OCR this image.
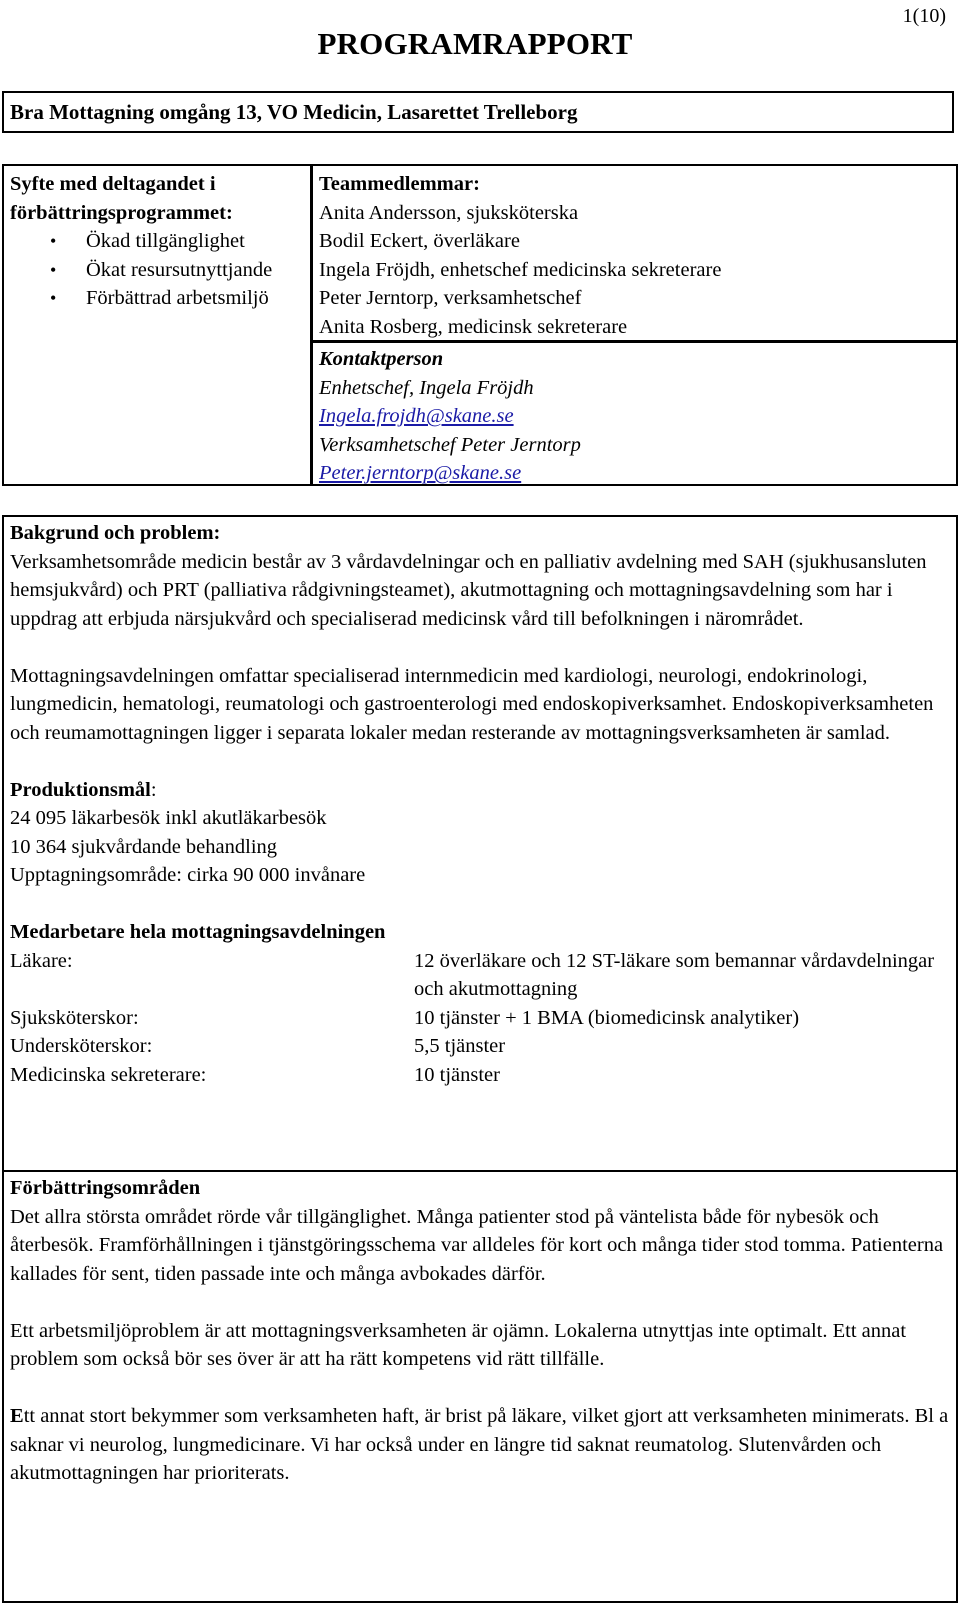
1(10)
PROGRAMRAPPORT
Bra Mottagning omgång 13, VO Medicin, Lasarettet Trelleborg
Syfte med deltagandet i
förbättringsprogrammet:
• Ökad tillgänglighet
• Ökat resursutnyttjande
• Förbättrad arbetsmiljö
Teammedlemmar:
Anita Andersson, sjuksköterska
Bodil Eckert, överläkare
Ingela Fröjdh, enhetschef medicinska sekreterare
Peter Jerntorp, verksamhetschef
Anita Rosberg, medicinsk sekreterare
Kontaktperson
Enhetschef, Ingela Fröjdh
Ingela.frojdh@skane.se
Verksamhetschef Peter Jerntorp
Peter.jerntorp@skane.se
Bakgrund och problem:

Verksamhetsområde medicin består av 3 vårdavdelningar och en palliativ avdelning med SAH (sjukhusansluten hemsjukvård) och PRT (palliativa rådgivningsteamet), akutmottagning och mottagningsavdelning som har i uppdrag att erbjuda närsjukvård och specialiserad medicinsk vård till befolkningen i närområdet.

Mottagningsavdelningen omfattar specialiserad internmedicin med kardiologi, neurologi, endokrinologi, lungmedicin, hematologi, reumatologi och gastroenterologi med endoskopiverksamhet. Endoskopiverksamheten och reumamottagningen ligger i separata lokaler medan resterande av mottagningsverksamheten är samlad.

Produktionsmål:
24 095 läkarbesök inkl akutläkarbesök
10 364 sjukvårdande behandling
Upptagningsområde: cirka 90 000 invånare
Medarbetare hela mottagningsavdelningen
Läkare:	12 överläkare och 12 ST-läkare som bemannar vårdavdelningar och akutmottagning
Sjuksköterskor:	10 tjänster + 1 BMA (biomedicinsk analytiker)
Undersköterskor:	5,5 tjänster
Medicinska sekreterare:	10 tjänster
Förbättringsområden

Det allra största området rörde vår tillgänglighet. Många patienter stod på väntelista både för nybesök och återbesök. Framförhållningen i tjänstgöringsschema var alldeles för kort och många tider stod tomma. Patienterna kallades för sent, tiden passade inte och många avbokades därför.

Ett arbetsmiljöproblem är att mottagningsverksamheten är ojämn. Lokalerna utnyttjas inte optimalt. Ett annat problem som också bör ses över är att ha rätt kompetens vid rätt tillfälle.

Ett annat stort bekymmer som verksamheten haft, är brist på läkare, vilket gjort att verksamheten minimerats. Bl a saknar vi neurolog, lungmedicinare. Vi har också under en längre tid saknat reumatolog. Slutenvården och akutmottagningen har prioriterats.
